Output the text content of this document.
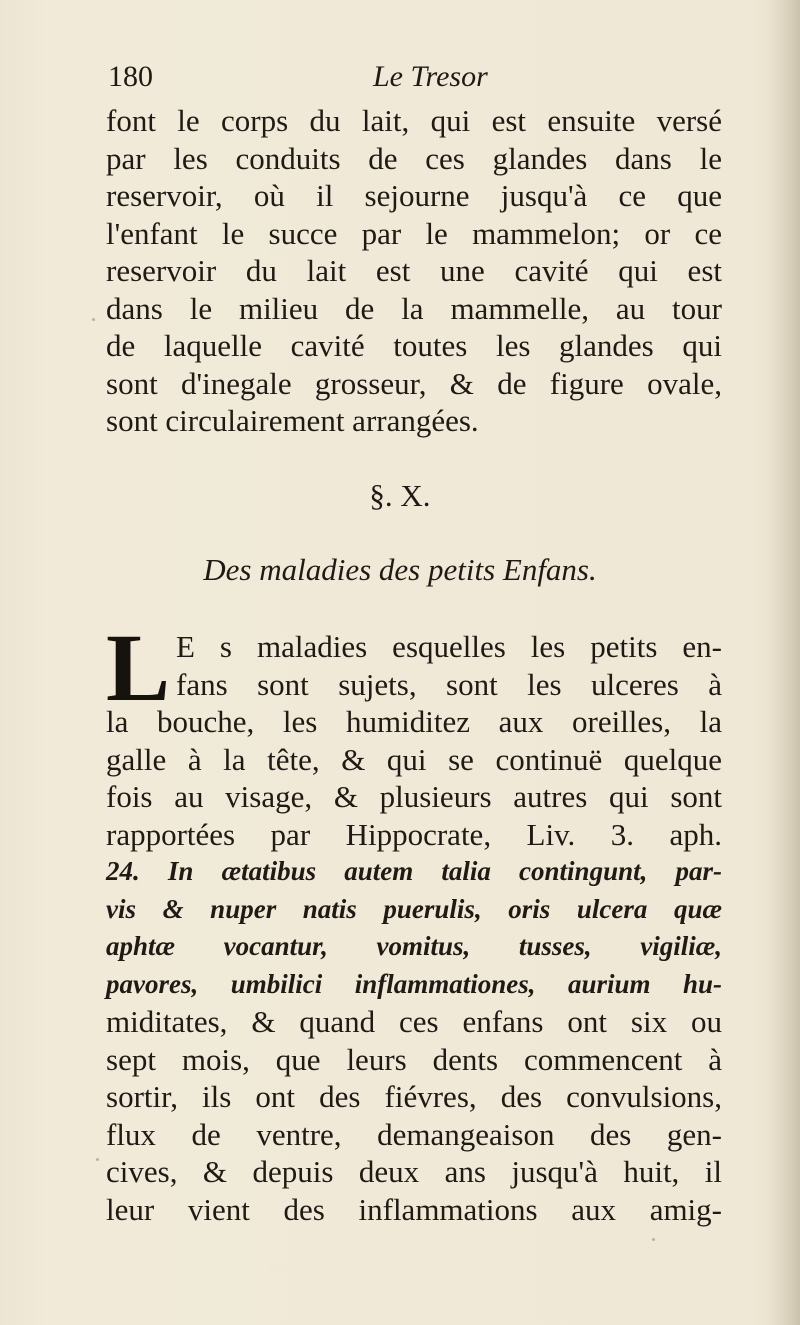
180	Le Tresor
font le corps du lait, qui est ensuite versé
par les conduits de ces glandes dans le
reservoir, où il sejourne jusqu'à ce que
l'enfant le succe par le mammelon; or ce
reservoir du lait est une cavité qui est
dans le milieu de la mammelle, au tour
de laquelle cavité toutes les glandes qui
sont d'inegale grosseur, & de figure ovale,
sont circulairement arrangées.
§. X.
Des maladies des petits Enfans.
L E s maladies esquelles les petits en-
fans sont sujets, sont les ulceres à
la bouche, les humiditez aux oreilles, la
galle à la tête, & qui se continuë quelque
fois au visage, & plusieurs autres qui sont
rapportées par Hippocrate, Liv. 3. aph.
24. In ætatibus autem talia contingunt, par-
vis & nuper natis puerulis, oris ulcera quæ
aphtæ vocantur, vomitus, tusses, vigiliæ,
pavores, umbilici inflammationes, aurium hu-
miditates, & quand ces enfans ont six ou
sept mois, que leurs dents commencent à
sortir, ils ont des fiévres, des convulsions,
flux de ventre, demangeaison des gen-
cives, & depuis deux ans jusqu'à huit, il
leur vient des inflammations aux amig-
